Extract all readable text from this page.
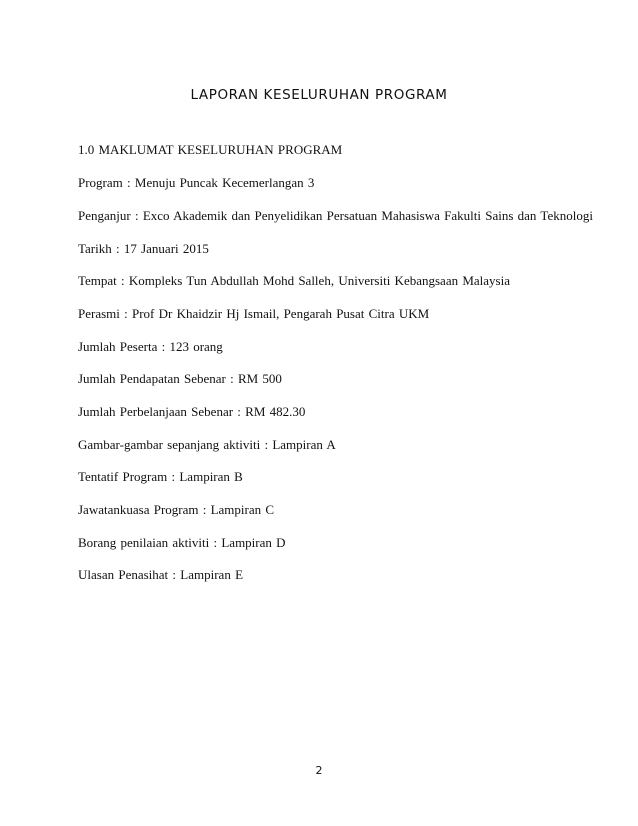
LAPORAN KESELURUHAN PROGRAM

1.0 MAKLUMAT KESELURUHAN PROGRAM

Program : Menuju Puncak Kecemerlangan 3

Penganjur : Exco Akademik dan Penyelidikan Persatuan Mahasiswa Fakulti Sains dan Teknologi

Tarikh : 17 Januari 2015

Tempat : Kompleks Tun Abdullah Mohd Salleh, Universiti Kebangsaan Malaysia

Perasmi : Prof Dr Khaidzir Hj Ismail, Pengarah Pusat Citra UKM

Jumlah Peserta : 123 orang

Jumlah Pendapatan Sebenar : RM 500

Jumlah Perbelanjaan Sebenar : RM 482.30

Gambar-gambar sepanjang aktiviti : Lampiran A

Tentatif Program : Lampiran B

Jawatankuasa Program : Lampiran C

Borang penilaian aktiviti : Lampiran D

Ulasan Penasihat : Lampiran E

2
